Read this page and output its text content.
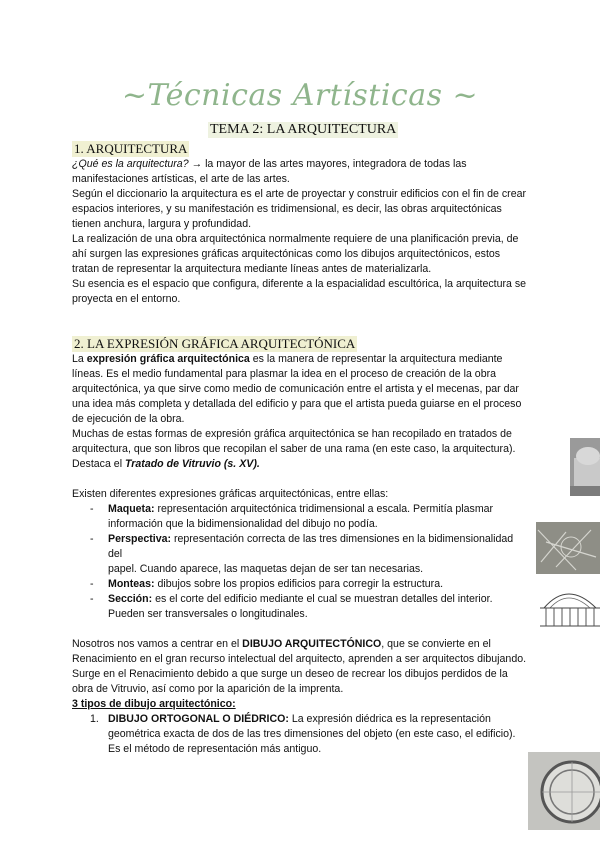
~Técnicas Artísticas ~
TEMA 2: LA ARQUITECTURA
1. ARQUITECTURA

¿Qué es la arquitectura? → la mayor de las artes mayores, integradora de todas las manifestaciones artísticas, el arte de las artes.

Según el diccionario la arquitectura es el arte de proyectar y construir edificios con el fin de crear

espacios interiores, y su manifestación es tridimensional, es decir, las obras arquitectónicas tienen anchura, largura y profundidad.

La realización de una obra arquitectónica normalmente requiere de una planificación previa, de ahí surgen las expresiones gráficas arquitectónicas como los dibujos arquitectónicos, estos tratan de representar la arquitectura mediante líneas antes de materializarla.

Su esencia es el espacio que configura, diferente a la espacialidad escultórica, la arquitectura se proyecta en el entorno.

2. LA EXPRESIÓN GRÁFICA ARQUITECTÓNICA

La expresión gráfica arquitectónica es la manera de representar la arquitectura mediante líneas. Es el medio fundamental para plasmar la idea en el proceso de creación de la obra arquitectónica, ya que sirve como medio de comunicación entre el artista y el mecenas, par dar una idea más completa y detallada del edificio y para que el artista pueda guiarse en el proceso de ejecución de la obra.

Muchas de estas formas de expresión gráfica arquitectónica se han recopilado en tratados de arquitectura, que son libros que recopilan el saber de una rama (en este caso, la arquitectura). Destaca el Tratado de Vitruvio (s. XV).

Existen diferentes expresiones gráficas arquitectónicas, entre ellas:

- Maqueta: representación arquitectónica tridimensional a escala. Permitía plasmar información que la bidimensionalidad del dibujo no podía.
- Perspectiva: representación correcta de las tres dimensiones en la bidimensionalidad del
papel. Cuando aparece, las maquetas dejan de ser tan necesarias.
- Monteas: dibujos sobre los propios edificios para corregir la estructura.
- Sección: es el corte del edificio mediante el cual se muestran detalles del interior. Pueden ser transversales o longitudinales.

Nosotros nos vamos a centrar en el DIBUJO ARQUITECTÓNICO, que se convierte en el Renacimiento en el gran recurso intelectual del arquitecto, aprenden a ser arquitectos dibujando. Surge en el Renacimiento debido a que surge un deseo de recrear los dibujos perdidos de la obra de Vitruvio, así como por la aparición de la imprenta.

3 tipos de dibujo arquitectónico:

1. DIBUJO ORTOGONAL O DIÉDRICO: La expresión diédrica es la representación geométrica exacta de dos de las tres dimensiones del objeto (en este caso, el edificio). Es el método de representación más antiguo.
